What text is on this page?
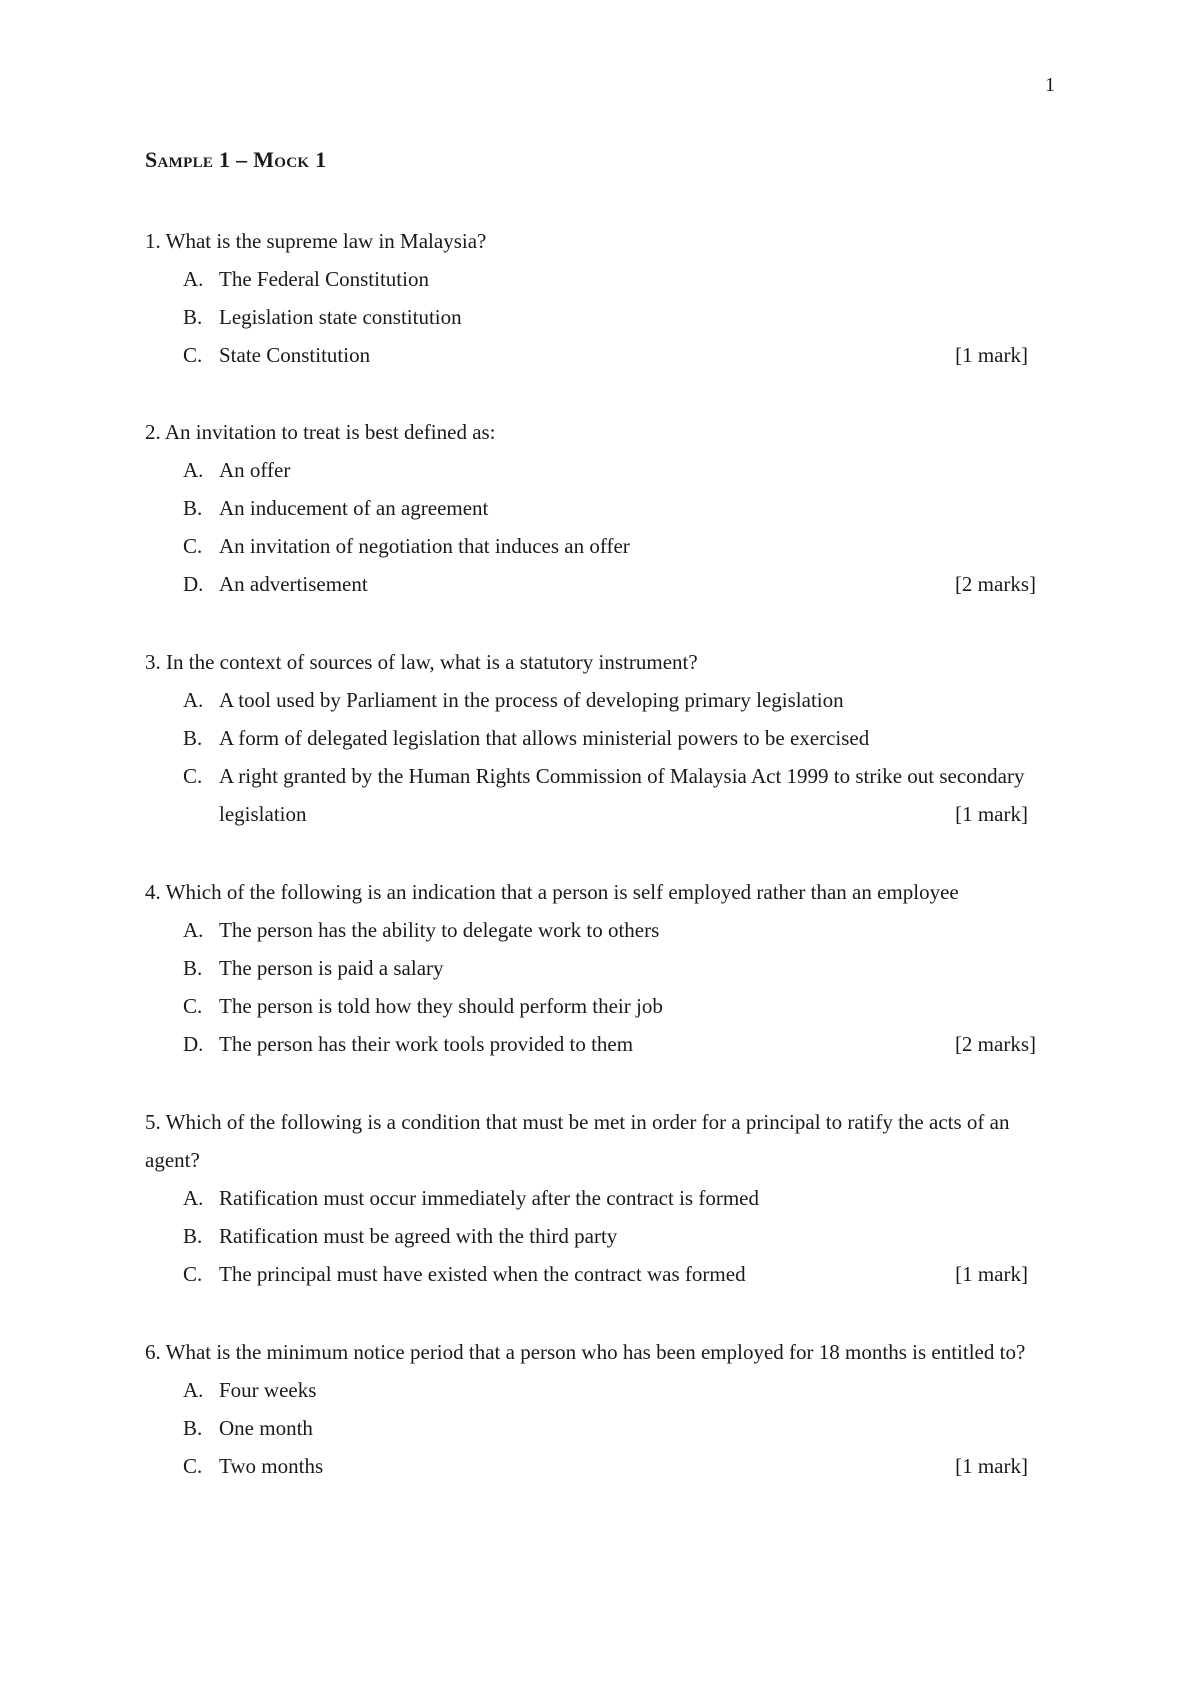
1
Sample 1 – Mock 1

1. What is the supreme law in Malaysia?

A. The Federal Constitution
B. Legislation state constitution
C. State Constitution	[1 mark]

2. An invitation to treat is best defined as:

A. An offer
B. An inducement of an agreement
C. An invitation of negotiation that induces an offer
D. An advertisement	[2 marks]

3. In the context of sources of law, what is a statutory instrument?

A. A tool used by Parliament in the process of developing primary legislation
B. A form of delegated legislation that allows ministerial powers to be exercised
C. A right granted by the Human Rights Commission of Malaysia Act 1999 to strike out secondary legislation	[1 mark]

4. Which of the following is an indication that a person is self employed rather than an employee

A. The person has the ability to delegate work to others
B. The person is paid a salary
C. The person is told how they should perform their job
D. The person has their work tools provided to them	[2 marks]

5. Which of the following is a condition that must be met in order for a principal to ratify the acts of an agent?

A. Ratification must occur immediately after the contract is formed
B. Ratification must be agreed with the third party
C. The principal must have existed when the contract was formed	[1 mark]

6. What is the minimum notice period that a person who has been employed for 18 months is entitled to?

A. Four weeks
B. One month
C. Two months	[1 mark]
